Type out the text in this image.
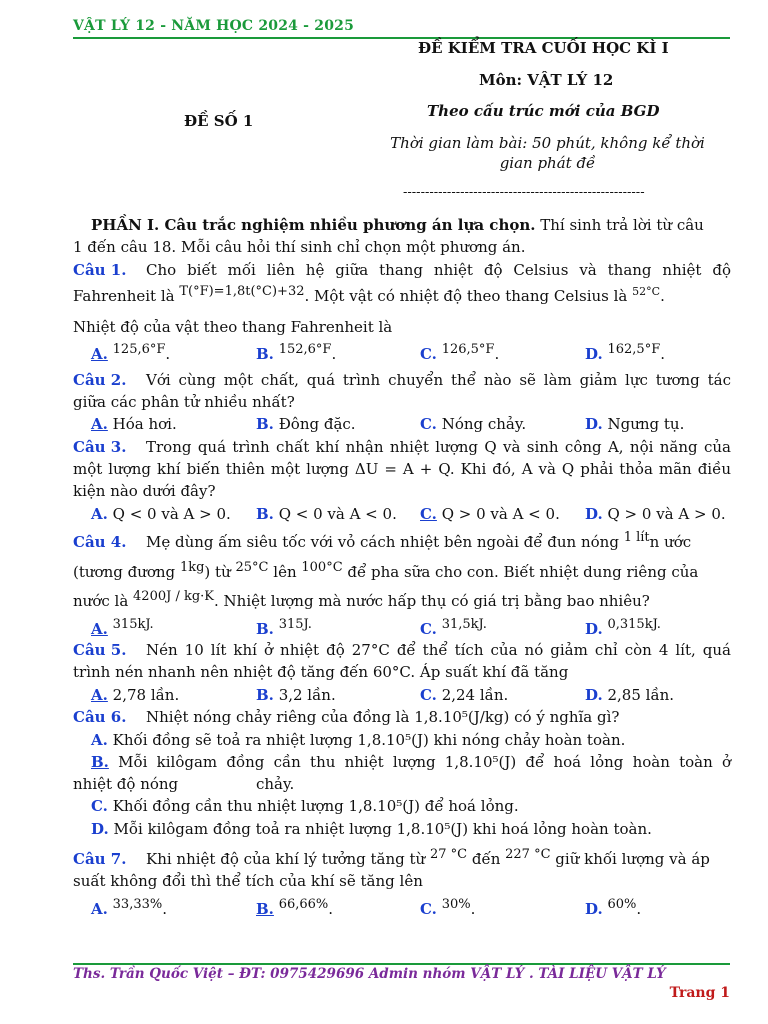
VẬT LÝ 12 - NĂM HỌC 2024 - 2025
ĐỀ KIỂM TRA CUỐI HỌC KÌ I
Môn: VẬT LÝ 12
ĐỀ SỐ 1
Theo cấu trúc mới của BGD
Thời gian làm bài: 50 phút, không kể thời
gian phát đề
-------------------------------------------------------
PHẦN I. Câu trắc nghiệm nhiều phương án lựa chọn. Thí sinh trả lời từ câu
1 đến câu 18. Mỗi câu hỏi thí sinh chỉ chọn một phương án.
Câu 1. Cho biết mối liên hệ giữa thang nhiệt độ Celsius và thang nhiệt độ
Fahrenheit là T(°F)=1,8t(°C)+32. Một vật có nhiệt độ theo thang Celsius là $^{52^\circ C}$.
Nhiệt độ của vật theo thang Fahrenheit là
A. 125,6°F.	B. 152,6°F.	C. 126,5°F.	D. 162,5°F.
Câu 2. Với cùng một chất, quá trình chuyển thể nào sẽ làm giảm lực tương tác
giữa các phân tử nhiều nhất?
A. Hóa hơi.	B. Đông đặc.	C. Nóng chảy.	D. Ngưng tụ.
Câu 3. Trong quá trình chất khí nhận nhiệt lượng Q và sinh công A, nội năng của
một lượng khí biến thiên một lượng ΔU = A + Q. Khi đó, A và Q phải thỏa mãn điều
kiện nào dưới đây?
A. Q < 0 và A > 0. B. Q < 0 và A < 0. C. Q > 0 và A < 0. D. Q > 0 và A > 0.
Câu 4. Mẹ dùng ấm siêu tốc với vỏ cách nhiệt bên ngoài để đun nóng 1 lítn ước
(tương đương 1kg) từ 25°C lên 100°C để pha sữa cho con. Biết nhiệt dung riêng của
nước là 4200J / kg·K. Nhiệt lượng mà nước hấp thụ có giá trị bằng bao nhiêu?
A. 315kJ.	B. 315J.	C. 31,5kJ.	D. 0,315kJ.
Câu 5. Nén 10 lít khí ở nhiệt độ 27°C để thể tích của nó giảm chỉ còn 4 lít, quá
trình nén nhanh nên nhiệt độ tăng đến 60°C. Áp suất khí đã tăng
A. 2,78 lần.	B. 3,2 lần.	C. 2,24 lần.	D. 2,85 lần.
Câu 6. Nhiệt nóng chảy riêng của đồng là 1,8.10⁵(J/kg) có ý nghĩa gì?
A. Khối đồng sẽ toả ra nhiệt lượng 1,8.10⁵(J) khi nóng chảy hoàn toàn.
B. Mỗi kilôgam đồng cần thu nhiệt lượng 1,8.10⁵(J) để hoá lỏng hoàn toàn ở
nhiệt độ nóng	chảy.
C. Khối đồng cần thu nhiệt lượng 1,8.10⁵(J) để hoá lỏng.
D. Mỗi kilôgam đồng toả ra nhiệt lượng 1,8.10⁵(J) khi hoá lỏng hoàn toàn.
Câu 7. Khi nhiệt độ của khí lý tưởng tăng từ 27 °C đến 227 °C giữ khối lượng và áp
suất không đổi thì thể tích của khí sẽ tăng lên
A. 33,33%.	B. 66,66%.	C. 30%.	D. 60%.
Ths. Trần Quốc Việt – ĐT: 0975429696 Admin nhóm VẬT LÝ . TÀI LIỆU VẬT LÝ
Trang 1
